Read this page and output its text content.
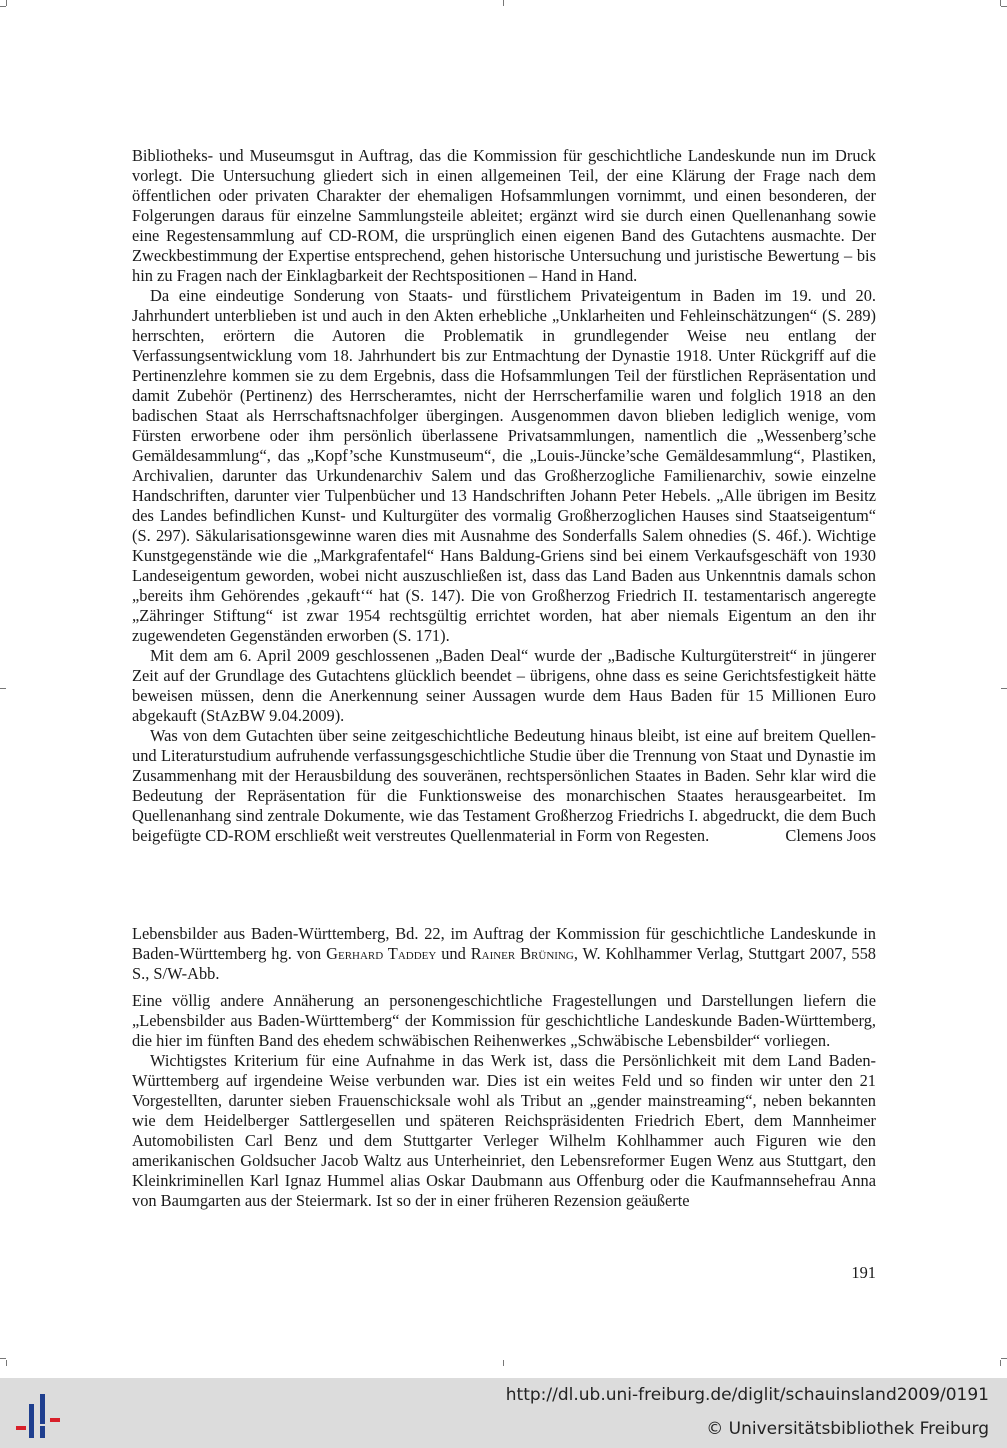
Bibliotheks- und Museumsgut in Auftrag, das die Kommission für geschichtliche Landeskunde nun im Druck vorlegt. Die Untersuchung gliedert sich in einen allgemeinen Teil, der eine Klärung der Frage nach dem öffentlichen oder privaten Charakter der ehemaligen Hofsammlungen vornimmt, und einen besonderen, der Folgerungen daraus für einzelne Sammlungsteile ableitet; ergänzt wird sie durch einen Quellenanhang sowie eine Regestensammlung auf CD-ROM, die ursprünglich einen eigenen Band des Gutachtens ausmachte. Der Zweckbestimmung der Expertise entsprechend, gehen historische Untersuchung und juristische Bewertung – bis hin zu Fragen nach der Einklagbarkeit der Rechtspositionen – Hand in Hand.

Da eine eindeutige Sonderung von Staats- und fürstlichem Privateigentum in Baden im 19. und 20. Jahrhundert unterblieben ist und auch in den Akten erhebliche „Unklarheiten und Fehleinschätzungen“ (S. 289) herrschten, erörtern die Autoren die Problematik in grundlegender Weise neu entlang der Verfassungsentwicklung vom 18. Jahrhundert bis zur Entmachtung der Dynastie 1918. Unter Rückgriff auf die Pertinenzlehre kommen sie zu dem Ergebnis, dass die Hofsammlungen Teil der fürstlichen Repräsentation und damit Zubehör (Pertinenz) des Herrscheramtes, nicht der Herrscherfamilie waren und folglich 1918 an den badischen Staat als Herrschaftsnachfolger übergingen. Ausgenommen davon blieben lediglich wenige, vom Fürsten erworbene oder ihm persönlich überlassene Privatsammlungen, namentlich die „Wessenberg’sche Gemäldesammlung“, das „Kopf’sche Kunstmuseum“, die „Louis-Jüncke’sche Gemäldesammlung“, Plastiken, Archivalien, darunter das Urkundenarchiv Salem und das Großherzogliche Familienarchiv, sowie einzelne Handschriften, darunter vier Tulpenbücher und 13 Handschriften Johann Peter Hebels. „Alle übrigen im Besitz des Landes befindlichen Kunst- und Kulturgüter des vormalig Großherzoglichen Hauses sind Staatseigentum“ (S. 297). Säkularisationsgewinne waren dies mit Ausnahme des Sonderfalls Salem ohnedies (S. 46f.). Wichtige Kunstgegenstände wie die „Markgrafentafel“ Hans Baldung-Griens sind bei einem Verkaufsgeschäft von 1930 Landeseigentum geworden, wobei nicht auszuschließen ist, dass das Land Baden aus Unkenntnis damals schon „bereits ihm Gehörendes ‚gekauft‘“ hat (S. 147). Die von Großherzog Friedrich II. testamentarisch angeregte „Zähringer Stiftung“ ist zwar 1954 rechtsgültig errichtet worden, hat aber niemals Eigentum an den ihr zugewendeten Gegenständen erworben (S. 171).

Mit dem am 6. April 2009 geschlossenen „Baden Deal“ wurde der „Badische Kulturgüterstreit“ in jüngerer Zeit auf der Grundlage des Gutachtens glücklich beendet – übrigens, ohne dass es seine Gerichtsfestigkeit hätte beweisen müssen, denn die Anerkennung seiner Aussagen wurde dem Haus Baden für 15 Millionen Euro abgekauft (StAzBW 9.04.2009).

Was von dem Gutachten über seine zeitgeschichtliche Bedeutung hinaus bleibt, ist eine auf breitem Quellen- und Literaturstudium aufruhende verfassungsgeschichtliche Studie über die Trennung von Staat und Dynastie im Zusammenhang mit der Herausbildung des souveränen, rechtspersönlichen Staates in Baden. Sehr klar wird die Bedeutung der Repräsentation für die Funktionsweise des monarchischen Staates herausgearbeitet. Im Quellenanhang sind zentrale Dokumente, wie das Testament Großherzog Friedrichs I. abgedruckt, die dem Buch beigefügte CD-ROM erschließt weit verstreutes Quellenmaterial in Form von Regesten.	Clemens Joos

Lebensbilder aus Baden-Württemberg, Bd. 22, im Auftrag der Kommission für geschichtliche Landeskunde in Baden-Württemberg hg. von Gerhard Taddey und Rainer Brüning, W. Kohlhammer Verlag, Stuttgart 2007, 558 S., S/W-Abb.

Eine völlig andere Annäherung an personengeschichtliche Fragestellungen und Darstellungen liefern die „Lebensbilder aus Baden-Württemberg“ der Kommission für geschichtliche Landeskunde Baden-Württemberg, die hier im fünften Band des ehedem schwäbischen Reihenwerkes „Schwäbische Lebensbilder“ vorliegen.

Wichtigstes Kriterium für eine Aufnahme in das Werk ist, dass die Persönlichkeit mit dem Land Baden-Württemberg auf irgendeine Weise verbunden war. Dies ist ein weites Feld und so finden wir unter den 21 Vorgestellten, darunter sieben Frauenschicksale wohl als Tribut an „gender mainstreaming“, neben bekannten wie dem Heidelberger Sattlergesellen und späteren Reichspräsidenten Friedrich Ebert, dem Mannheimer Automobilisten Carl Benz und dem Stuttgarter Verleger Wilhelm Kohlhammer auch Figuren wie den amerikanischen Goldsucher Jacob Waltz aus Unterheinriet, den Lebensreformer Eugen Wenz aus Stuttgart, den Kleinkriminellen Karl Ignaz Hummel alias Oskar Daubmann aus Offenburg oder die Kaufmannsehefrau Anna von Baumgarten aus der Steiermark. Ist so der in einer früheren Rezension geäußerte

191
http://dl.ub.uni-freiburg.de/diglit/schauinsland2009/0191
© Universitätsbibliothek Freiburg
